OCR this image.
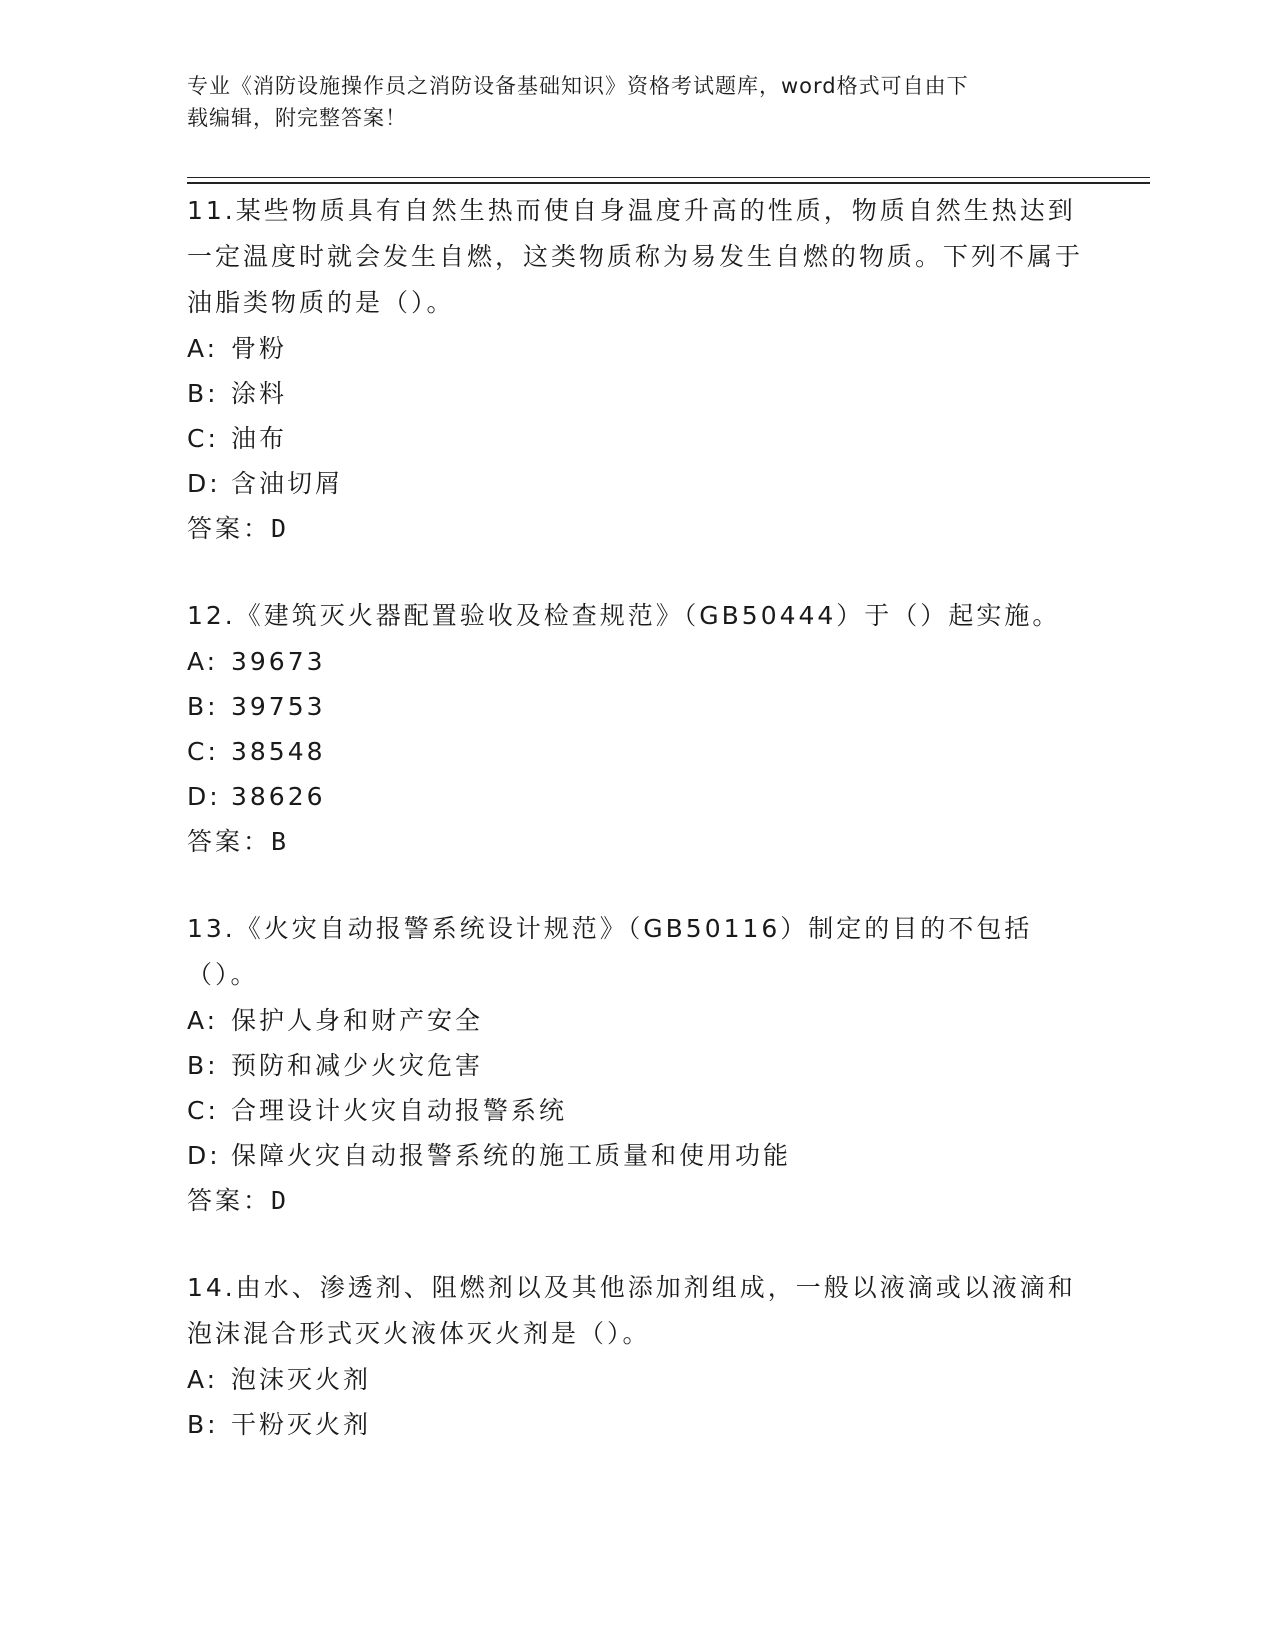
专业《消防设施操作员之消防设备基础知识》资格考试题库，word格式可自由下
载编辑，附完整答案！

11.某些物质具有自然生热而使自身温度升高的性质，物质自然生热达到一定温度时就会发生自燃，这类物质称为易发生自燃的物质。下列不属于油脂类物质的是（）。

A: 骨粉

B: 涂料

C: 油布

D: 含油切屑

答案：D

12.《建筑灭火器配置验收及检查规范》（GB50444）于（）起实施。

A: 39673

B: 39753

C: 38548

D: 38626

答案：B

13.《火灾自动报警系统设计规范》（GB50116）制定的目的不包括（）。

A: 保护人身和财产安全

B: 预防和减少火灾危害

C: 合理设计火灾自动报警系统

D: 保障火灾自动报警系统的施工质量和使用功能

答案：D

14.由水、渗透剂、阻燃剂以及其他添加剂组成，一般以液滴或以液滴和泡沫混合形式灭火液体灭火剂是（）。

A: 泡沫灭火剂

B: 干粉灭火剂
